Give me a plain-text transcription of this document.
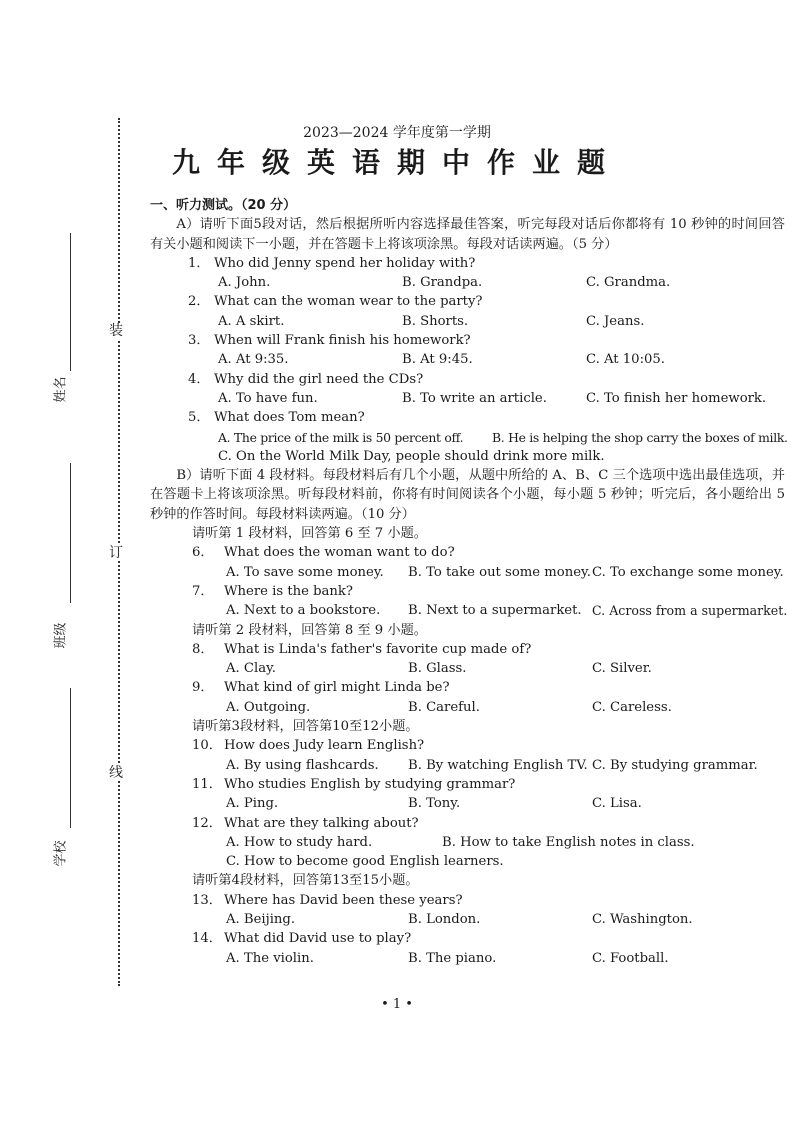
装
订
线
姓名
班级
学校
2023—2024 学年度第一学期
九年级英语期中作业题
一、听力测试。（20 分）
A）请听下面5段对话，然后根据所听内容选择最佳答案，听完每段对话后你都将有 10 秒钟的时间回答有关小题和阅读下一小题，并在答题卡上将该项涂黑。每段对话读两遍。（5 分）
1． Who did Jenny spend her holiday with?
A. John.	B. Grandpa.	C. Grandma.
2． What can the woman wear to the party?
A. A skirt.	B. Shorts.	C. Jeans.
3． When will Frank finish his homework?
A. At 9:35.	B. At 9:45.	C. At 10:05.
4． Why did the girl need the CDs?
A. To have fun.	B. To write an article.	C. To finish her homework.
5． What does Tom mean?
A. The price of the milk is 50 percent off. B. He is helping the shop carry the boxes of milk.
C. On the World Milk Day, people should drink more milk.
B）请听下面 4 段材料。每段材料后有几个小题，从题中所给的 A、B、C 三个选项中选出最佳选项，并在答题卡上将该项涂黑。听每段材料前，你将有时间阅读各个小题，每小题 5 秒钟；听完后，各小题给出 5 秒钟的作答时间。每段材料读两遍。（10 分）
请听第 1 段材料，回答第 6 至 7 小题。
6． What does the woman want to do?
A. To save some money. B. To take out some money. C. To exchange some money.
7． Where is the bank?
A. Next to a bookstore. B. Next to a supermarket. C. Across from a supermarket.
请听第 2 段材料，回答第 8 至 9 小题。
8． What is Linda's father's favorite cup made of?
A. Clay.	B. Glass.	C. Silver.
9． What kind of girl might Linda be?
A. Outgoing.	B. Careful.	C. Careless.
请听第3段材料，回答第10至12小题。
10． How does Judy learn English?
A. By using flashcards. B. By watching English TV. C. By studying grammar.
11． Who studies English by studying grammar?
A. Ping.	B. Tony.	C. Lisa.
12． What are they talking about?
A. How to study hard.	B. How to take English notes in class.
C. How to become good English learners.
请听第4段材料，回答第13至15小题。
13． Where has David been these years?
A. Beijing.	B. London.	C. Washington.
14． What did David use to play?
A. The violin.	B. The piano.	C. Football.
• 1 •
